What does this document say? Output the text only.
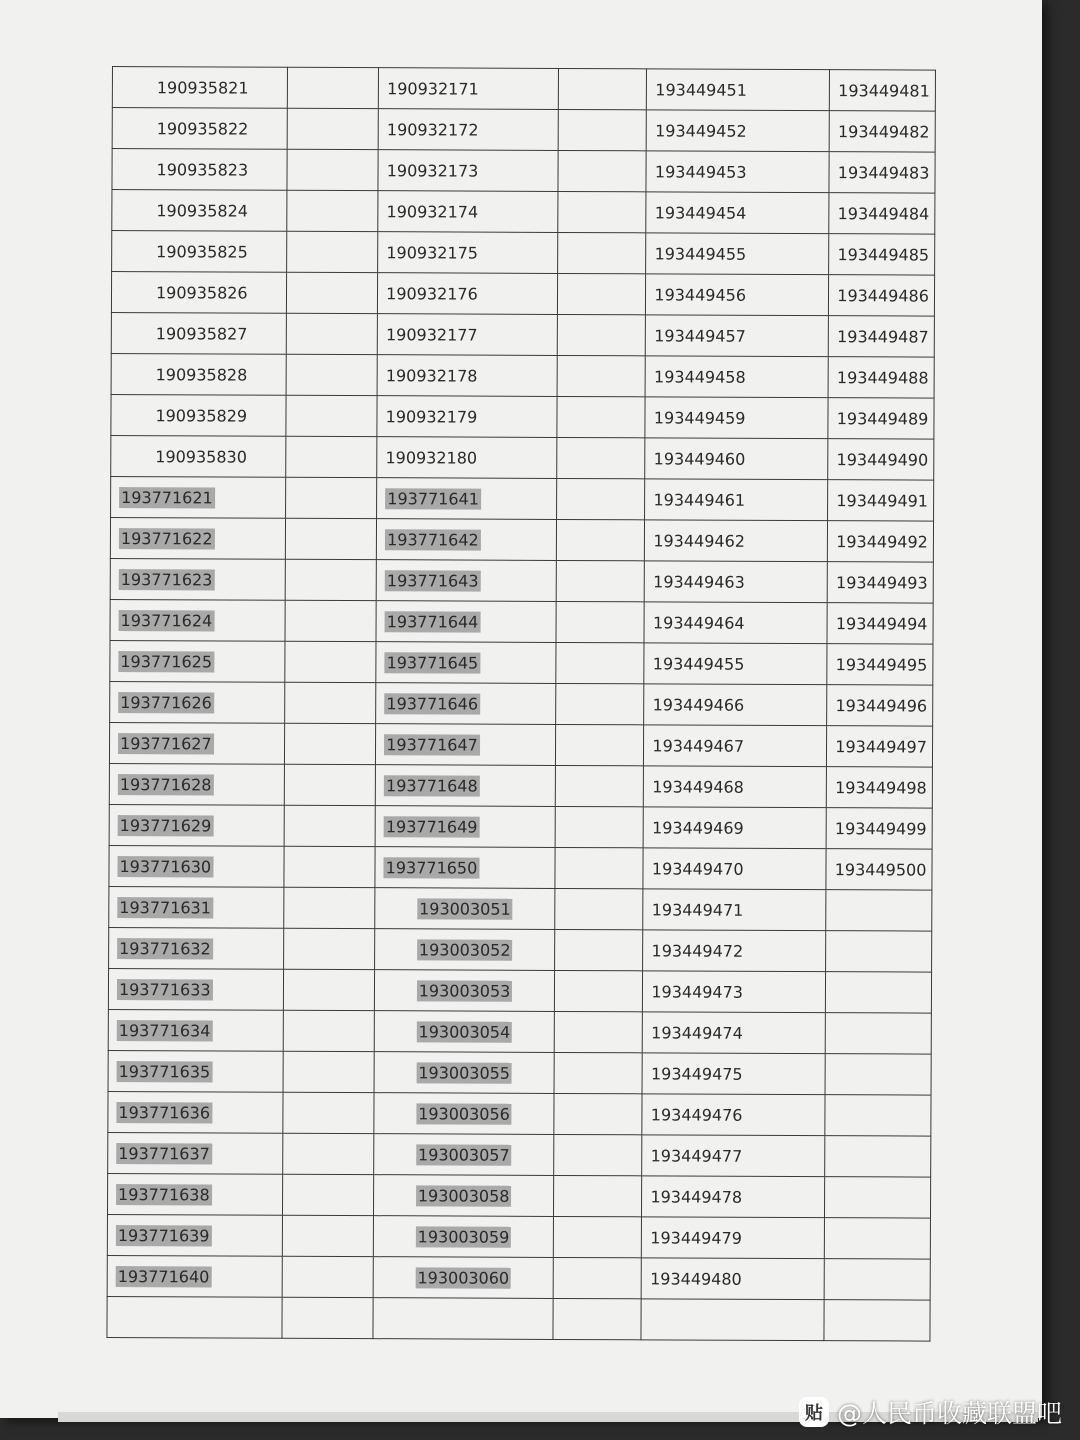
190935821		190932171		193449451	193449481
190935822		190932172		193449452	193449482
190935823		190932173		193449453	193449483
190935824		190932174		193449454	193449484
190935825		190932175		193449455	193449485
190935826		190932176		193449456	193449486
190935827		190932177		193449457	193449487
190935828		190932178		193449458	193449488
190935829		190932179		193449459	193449489
190935830		190932180		193449460	193449490
193771621		193771641		193449461	193449491
193771622		193771642		193449462	193449492
193771623		193771643		193449463	193449493
193771624		193771644		193449464	193449494
193771625		193771645		193449455	193449495
193771626		193771646		193449466	193449496
193771627		193771647		193449467	193449497
193771628		193771648		193449468	193449498
193771629		193771649		193449469	193449499
193771630		193771650		193449470	193449500
193771631		193003051		193449471	
193771632		193003052		193449472	
193771633		193003053		193449473	
193771634		193003054		193449474	
193771635		193003055		193449475	
193771636		193003056		193449476	
193771637		193003057		193449477	
193771638		193003058		193449478	
193771639		193003059		193449479	
193771640		193003060		193449480	

贴 @人民币收藏联盟吧
